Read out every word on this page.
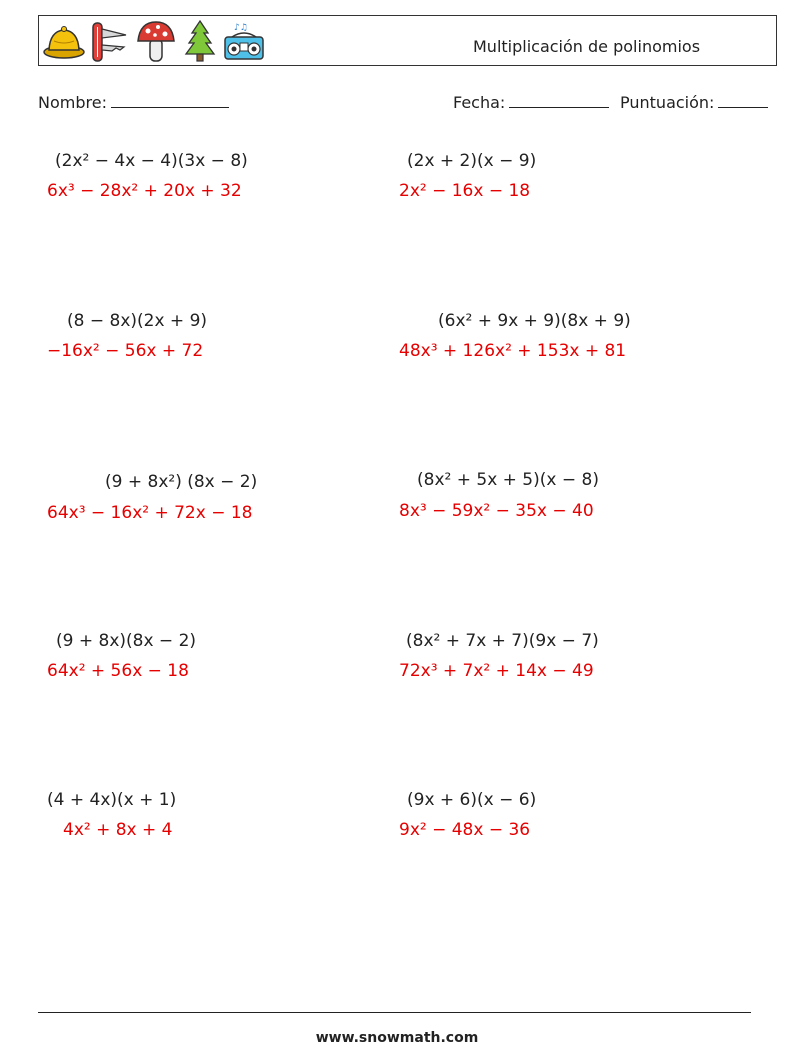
♪♫
Multiplicación de polinomios
Nombre:	Fecha:	Puntuación:
(2x² − 4x − 4)(3x − 8)
6x³ − 28x² + 20x + 32
(2x + 2)(x − 9)
2x² − 16x − 18
(8 − 8x)(2x + 9)
−16x² − 56x + 72
(6x² + 9x + 9)(8x + 9)
48x³ + 126x² + 153x + 81
(9 + 8x²) (8x − 2)
64x³ − 16x² + 72x − 18
(8x² + 5x + 5)(x − 8)
8x³ − 59x² − 35x − 40
(9 + 8x)(8x − 2)
64x² + 56x − 18
(8x² + 7x + 7)(9x − 7)
72x³ + 7x² + 14x − 49
(4 + 4x)(x + 1)
4x² + 8x + 4
(9x + 6)(x − 6)
9x² − 48x − 36
www.snowmath.com
